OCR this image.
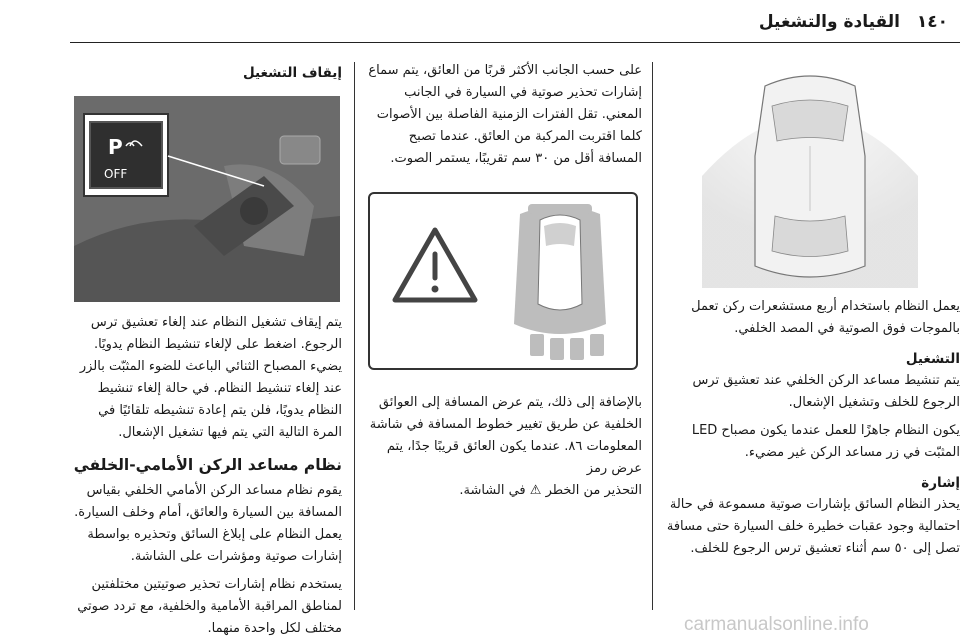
١٤٠
القيادة والتشغيل

يعمل النظام باستخدام أربع مستشعرات ركن تعمل بالموجات فوق الصوتية في المصد الخلفي.

التشغيل

يتم تنشيط مساعد الركن الخلفي عند تعشيق ترس الرجوع للخلف وتشغيل الإشعال.

يكون النظام جاهزًا للعمل عندما يكون مصباح LED

المثبّت في زر مساعد الركن غير مضيء.

إشارة

يحذر النظام السائق بإشارات صوتية مسموعة في حالة احتمالية وجود عقبات خطيرة خلف السيارة حتى مسافة تصل إلى ٥٠ سم أثناء تعشيق ترس الرجوع للخلف.

على حسب الجانب الأكثر قربًا من العائق، يتم سماع إشارات تحذير صوتية في السيارة في الجانب المعني. تقل الفترات الزمنية الفاصلة بين الأصوات كلما اقتربت المركبة من العائق. عندما تصبح المسافة أقل من ٣٠ سم تقريبًا، يستمر الصوت.

بالإضافة إلى ذلك، يتم عرض المسافة إلى العوائق الخلفية عن طريق تغيير خطوط المسافة في شاشة المعلومات ٨٦. عندما يكون العائق قريبًا جدًا، يتم عرض رمز

التحذير من الخطر ⚠ في الشاشة.

إيقاف التشغيل

P
OFF

يتم إيقاف تشغيل النظام عند إلغاء تعشيق ترس الرجوع. اضغط على لإلغاء تنشيط النظام يدويًا. يضيء المصباح الثنائي الباعث للضوء المثبّت بالزر عند إلغاء تنشيط النظام. في حالة إلغاء تنشيط النظام يدويًا، فلن يتم إعادة تنشيطه تلقائيًا في المرة التالية التي يتم فيها تشغيل الإشعال.

نظام مساعد الركن الأمامي-الخلفي

يقوم نظام مساعد الركن الأمامي الخلفي بقياس المسافة بين السيارة والعائق، أمام وخلف السيارة. يعمل النظام على إبلاغ السائق وتحذيره بواسطة إشارات صوتية ومؤشرات على الشاشة.

يستخدم نظام إشارات تحذير صوتيتين مختلفتين لمناطق المراقبة الأمامية والخلفية، مع تردد صوتي مختلف لكل واحدة منهما.	carmanualsonline.info
